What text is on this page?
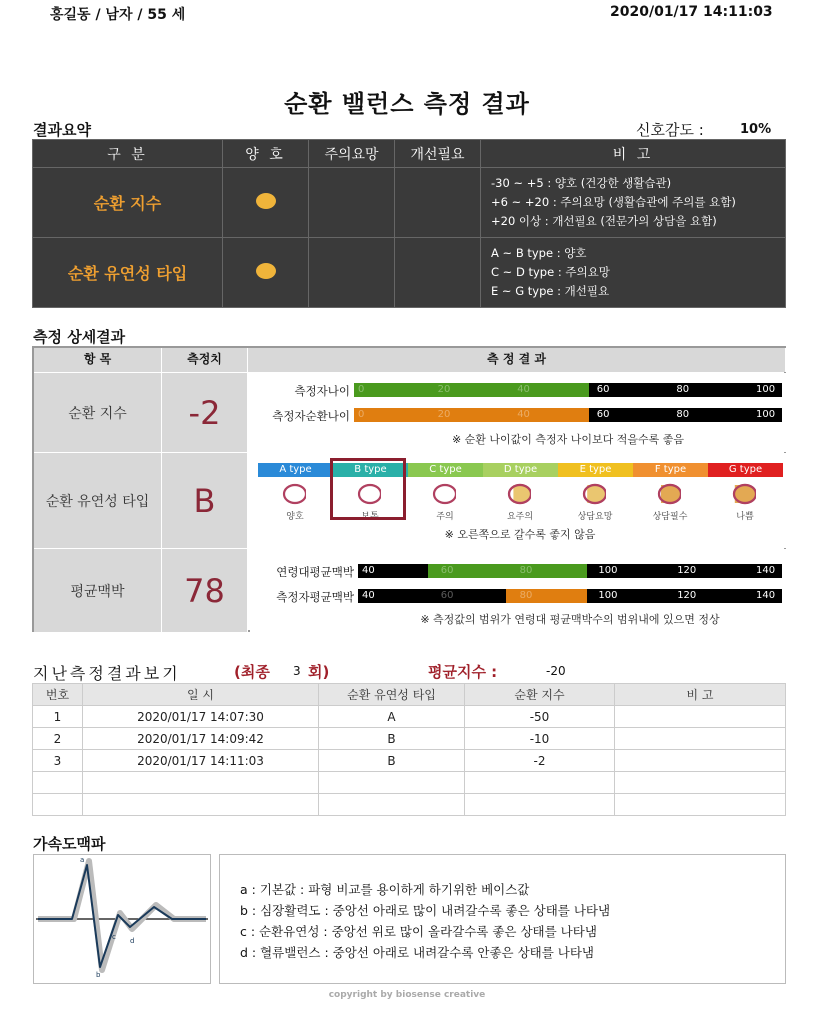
홍길동 / 남자 / 55 세	2020/01/17 14:11:03
순환 밸런스 측정 결과
결과요약	신호감도 :	10%
구 분	양 호	주의요망	개선필요	비 고
순환 지수				-30 ~ +5 : 양호 (건강한 생활습관)
+6 ~ +20 : 주의요망 (생활습관에 주의를 요함)
+20 이상 : 개선필요 (전문가의 상담을 요함)

순환 유연성 타입				A ~ B type : 양호
C ~ D type : 주의요망
E ~ G type : 개선필요
측정 상세결과
항 목	측정치	측 정 결 과
순환 지수 -2
측정자나이
측정자순환나이
0	20	40	60	80	100
0	20	40	60	80	100
※ 순환 나이값이 측정자 나이보다 적을수록 좋음
순환 유연성 타입 B
A type	B type	C type	D type	E type	F type	G type
양호	보통	주의	요주의	상담요망	상담필수	나쁨
※ 오른쪽으로 갈수록 좋지 않음
평균맥박 78	연령대평균맥박
측정자평균맥박
40	60	80	100	120	140
40	60	80	100	120	140
※ 측정값의 범위가 연령대 평균맥박수의 범위내에 있으면 정상
지난측정결과보기	(최종 3 회)	평균지수 :	-20
번호	일 시	순환 유연성 타입	순환 지수	비 고
1	2020/01/17 14:07:30	A	-50	
2	2020/01/17 14:09:42	B	-10	
3	2020/01/17 14:11:03	B	-2	

가속도맥파
a
b
c d
a : 기본값 : 파형 비교를 용이하게 하기위한 베이스값
b : 심장활력도 : 중앙선 아래로 많이 내려갈수록 좋은 상태를 나타냄
c : 순환유연성 : 중앙선 위로 많이 올라갈수록 좋은 상태를 나타냄
d : 혈류밸런스 : 중앙선 아래로 내려갈수록 안좋은 상태를 나타냄
copyright by biosense creative
